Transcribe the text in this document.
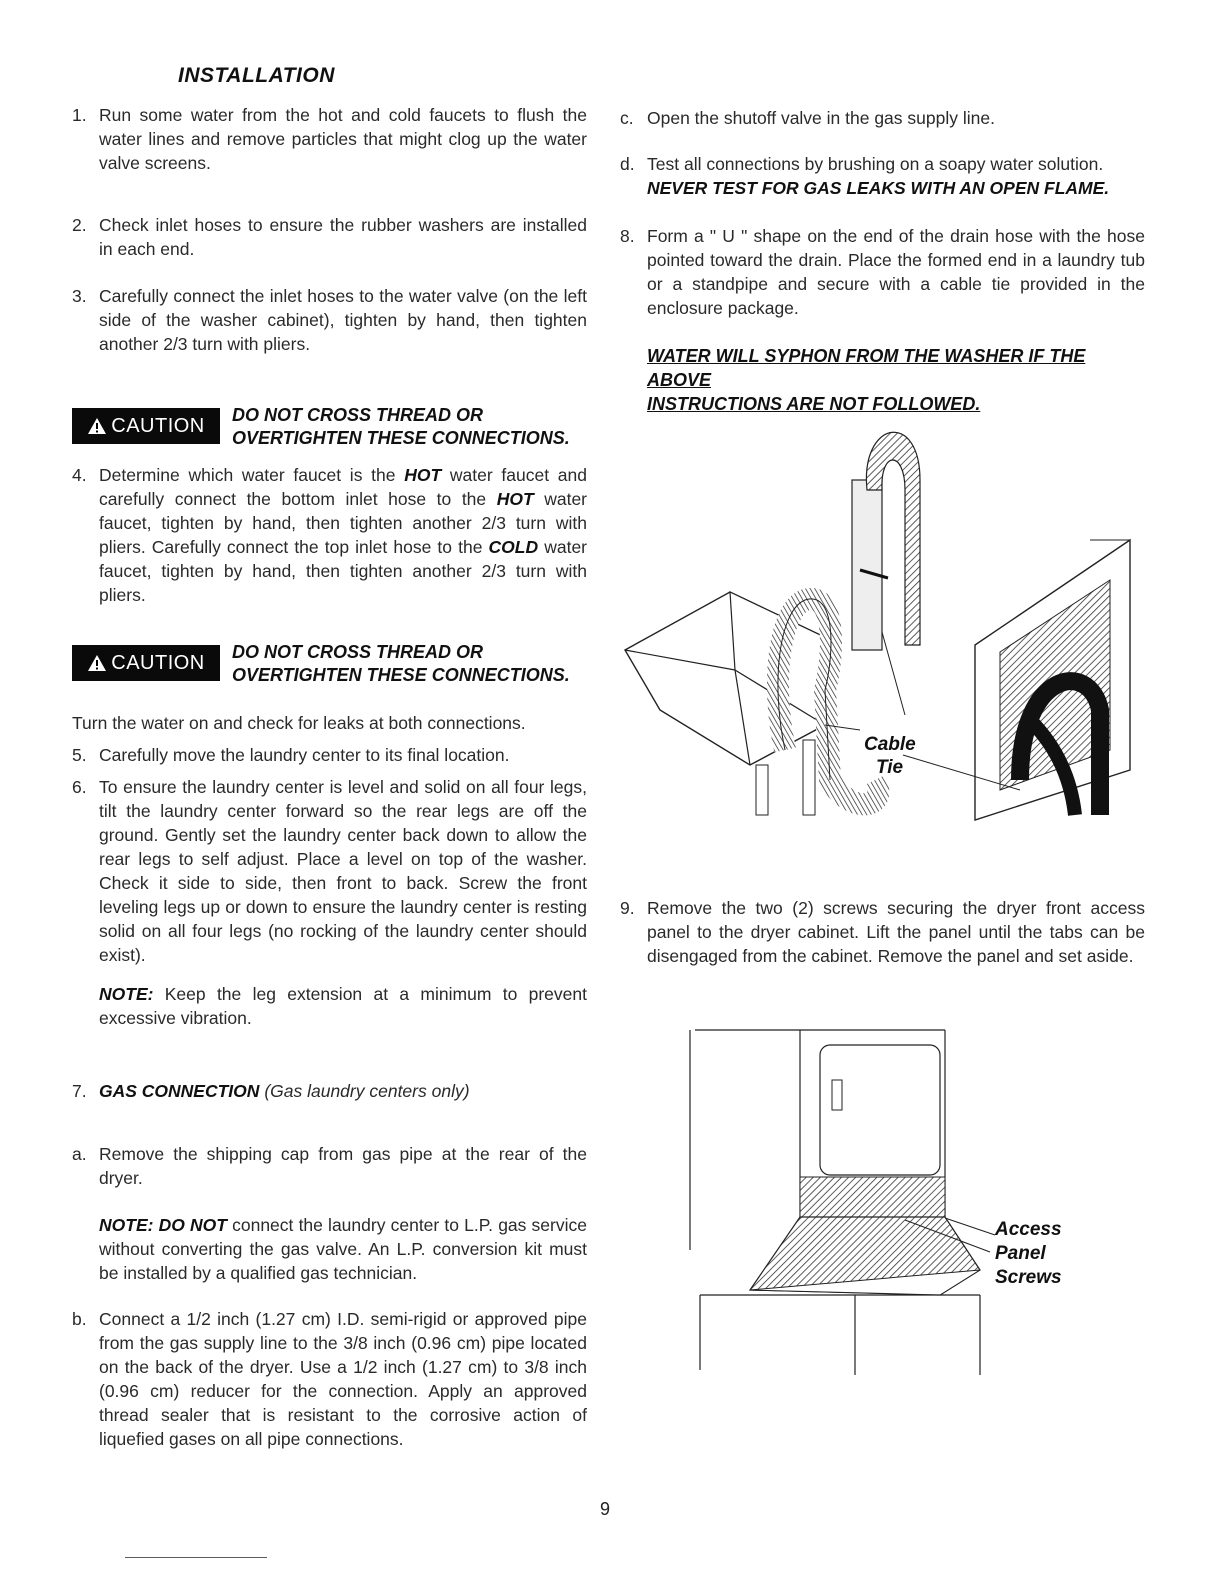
INSTALLATION
1. Run some water from the hot and cold faucets to flush the water lines and remove particles that might clog up the water valve screens.
2. Check inlet hoses to ensure the rubber washers are installed in each end.
3. Carefully connect the inlet hoses to the water valve (on the left side of the washer cabinet), tighten by hand, then tighten another 2/3 turn with pliers.
CAUTION DO NOT CROSS THREAD OR
OVERTIGHTEN THESE CONNECTIONS.
4. Determine which water faucet is the HOT water faucet and carefully connect the bottom inlet hose to the HOT water faucet, tighten by hand, then tighten another 2/3 turn with pliers. Carefully connect the top inlet hose to the COLD water faucet, tighten by hand, then tighten another 2/3 turn with pliers.
CAUTION DO NOT CROSS THREAD OR
OVERTIGHTEN THESE CONNECTIONS.

Turn the water on and check for leaks at both connections.

5. Carefully move the laundry center to its final location.
6. To ensure the laundry center is level and solid on all four legs, tilt the laundry center forward so the rear legs are off the ground. Gently set the laundry center back down to allow the rear legs to self adjust. Place a level on top of the washer. Check it side to side, then front to back. Screw the front leveling legs up or down to ensure the laundry center is resting solid on all four legs (no rocking of the laundry center should exist).

NOTE: Keep the leg extension at a minimum to prevent excessive vibration.

7. GAS CONNECTION (Gas laundry centers only)
a. Remove the shipping cap from gas pipe at the rear of the dryer.

NOTE: DO NOT connect the laundry center to L.P. gas service without converting the gas valve. An L.P. conversion kit must be installed by a qualified gas technician.

b. Connect a 1/2 inch (1.27 cm) I.D. semi-rigid or approved pipe from the gas supply line to the 3/8 inch (0.96 cm) pipe located on the back of the dryer. Use a 1/2 inch (1.27 cm) to 3/8 inch (0.96 cm) reducer for the connection. Apply an approved thread sealer that is resistant to the corrosive action of liquefied gases on all pipe connections.
c. Open the shutoff valve in the gas supply line.
d. Test all connections by brushing on a soapy water solution.
NEVER TEST FOR GAS LEAKS WITH AN OPEN FLAME.
8. Form a " U " shape on the end of the drain hose with the hose pointed toward the drain. Place the formed end in a laundry tub or a standpipe and secure with a cable tie provided in the enclosure package.
WATER WILL SYPHON FROM THE WASHER IF THE ABOVE
INSTRUCTIONS ARE NOT FOLLOWED.
Cable
Tie
9. Remove the two (2) screws securing the dryer front access panel to the dryer cabinet. Lift the panel until the tabs can be disengaged from the cabinet. Remove the panel and set aside.
Access
Panel
Screws
9
